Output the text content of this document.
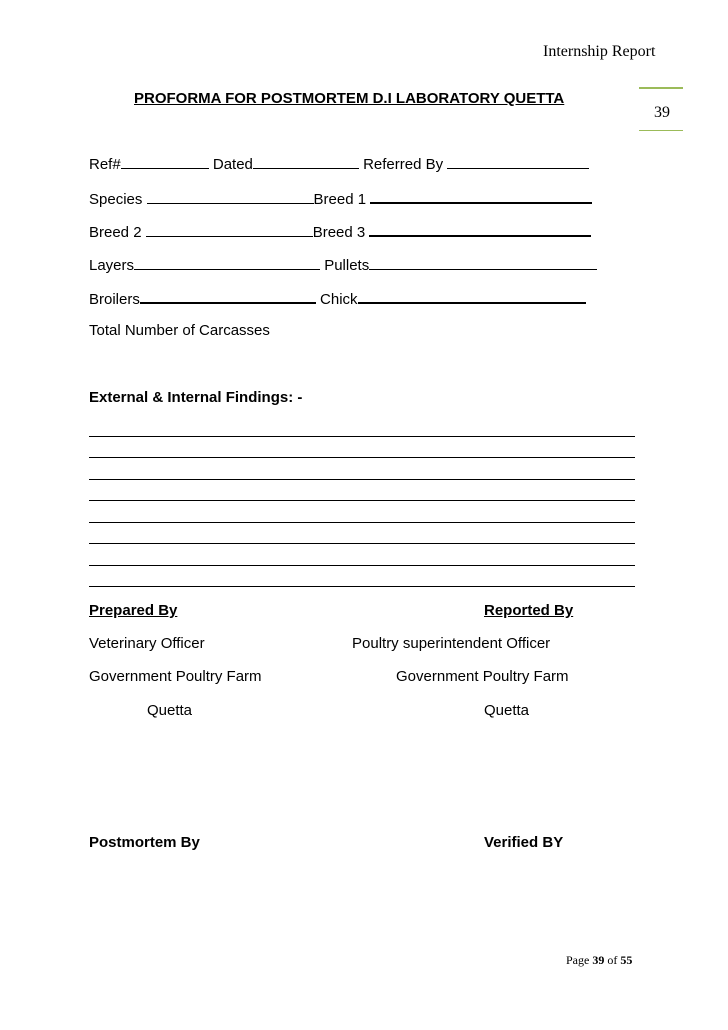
Internship Report
39
PROFORMA FOR POSTMORTEM D.I LABORATORY QUETTA
Ref#	Dated	Referred By
Species	Breed 1
Breed 2	Breed 3
Layers	Pullets
Broilers	Chick
Total Number of Carcasses
External & Internal Findings: -
Prepared By	Reported By
Veterinary Officer	Poultry superintendent Officer
Government Poultry Farm	Government Poultry Farm
Quetta	Quetta
Postmortem By	Verified BY
Page 39 of 55
